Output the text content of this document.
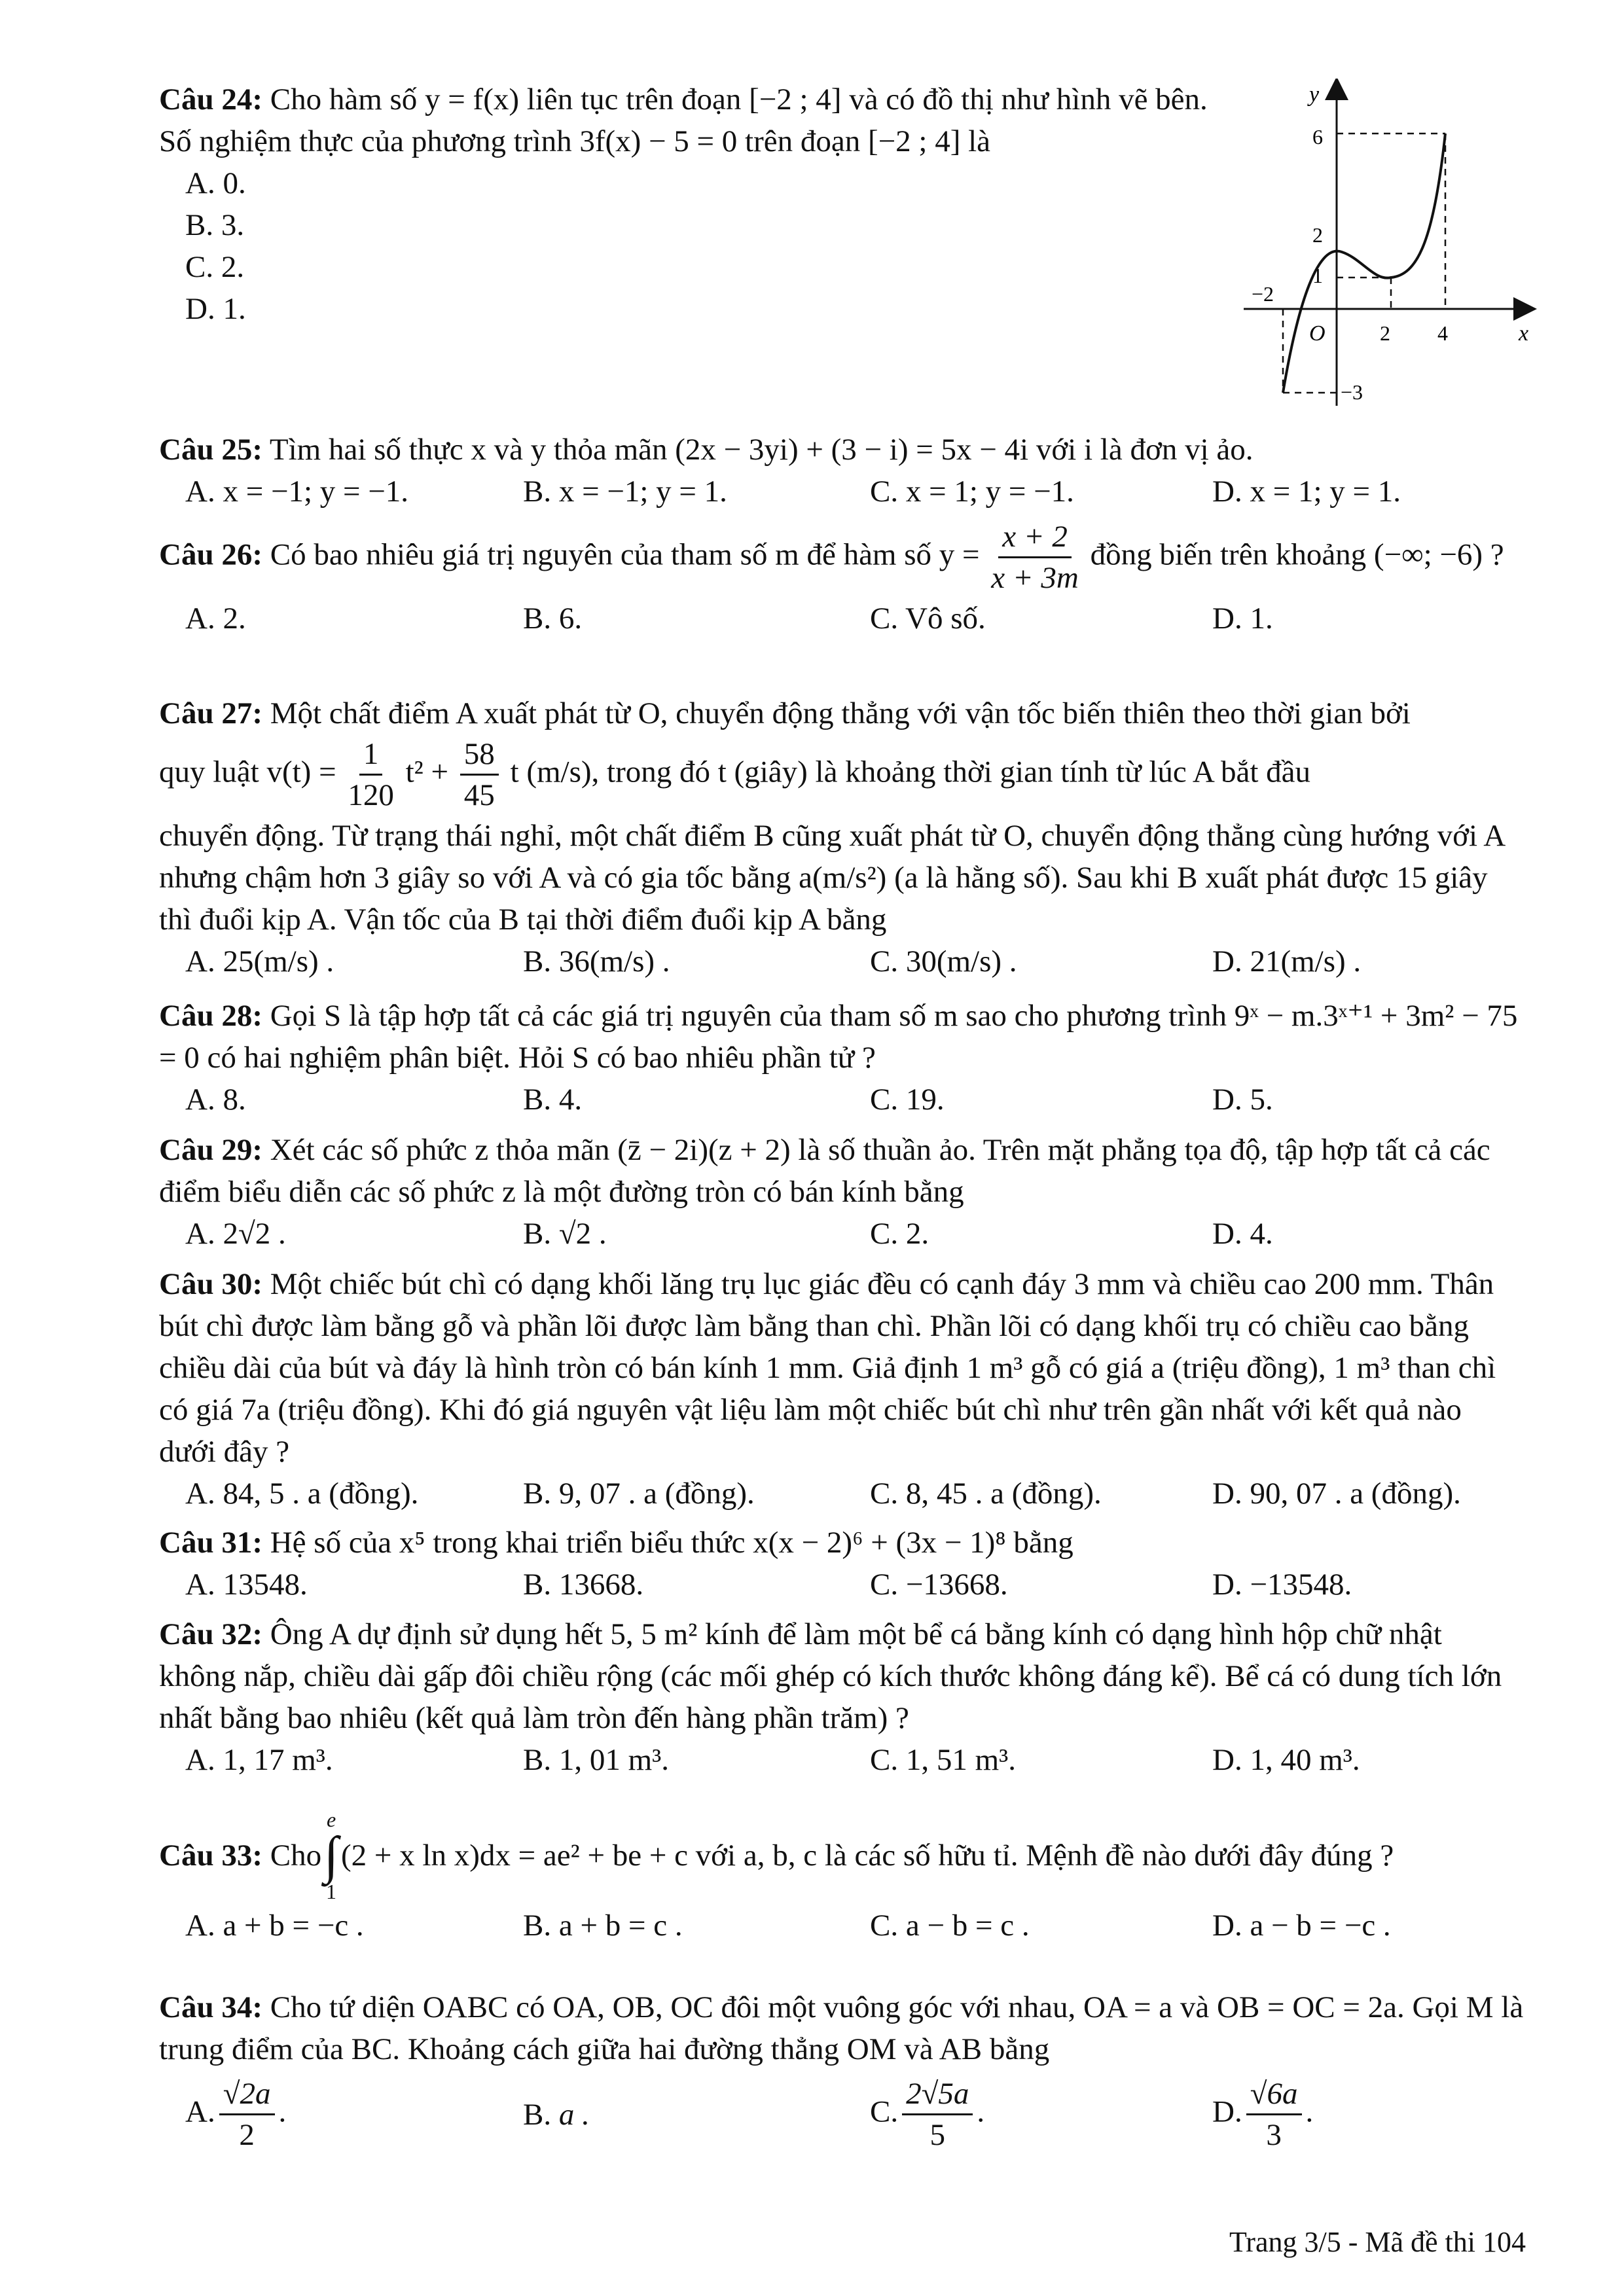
Câu 24: Cho hàm số y = f(x) liên tục trên đoạn [−2 ; 4] và có đồ thị như hình vẽ bên. Số nghiệm thực của phương trình 3f(x) − 5 = 0 trên đoạn [−2 ; 4] là
A. 0.
B. 3.
C. 2.
D. 1.
y
x
O
6
2
1
−3
−2
2 4
Câu 25: Tìm hai số thực x và y thỏa mãn (2x − 3yi) + (3 − i) = 5x − 4i với i là đơn vị ảo.
A. x = −1; y = −1.	B. x = −1; y = 1.	C. x = 1; y = −1.	D. x = 1; y = 1.
Câu 26: Có bao nhiêu giá trị nguyên của tham số m để hàm số $y = \frac{x + 2}{x + 3m}$ đồng biến trên khoảng (−∞; −6) ?
A. 2.	B. 6.	C. Vô số.	D. 1.
Câu 27: Một chất điểm A xuất phát từ O, chuyển động thẳng với vận tốc biến thiên theo thời gian bởi
quy luật $v(t) = \frac{1}{120} t^2 + \frac{58}{45}$ t (m/s), trong đó t (giây) là khoảng thời gian tính từ lúc A bắt đầu
chuyển động. Từ trạng thái nghỉ, một chất điểm B cũng xuất phát từ O, chuyển động thẳng cùng hướng với A nhưng chậm hơn 3 giây so với A và có gia tốc bằng a(m/s²) (a là hằng số). Sau khi B xuất phát được 15 giây thì đuổi kịp A. Vận tốc của B tại thời điểm đuổi kịp A bằng
A. 25(m/s) .	B. 36(m/s) .	C. 30(m/s) .	D. 21(m/s) .
Câu 28: Gọi S là tập hợp tất cả các giá trị nguyên của tham số m sao cho phương trình 9ˣ − m.3ˣ⁺¹ + 3m² − 75 = 0 có hai nghiệm phân biệt. Hỏi S có bao nhiêu phần tử ?
A. 8.	B. 4.	C. 19.	D. 5.
Câu 29: Xét các số phức z thỏa mãn (z̄ − 2i)(z + 2) là số thuần ảo. Trên mặt phẳng tọa độ, tập hợp tất cả các điểm biểu diễn các số phức z là một đường tròn có bán kính bằng
A. 2√2 .	B. √2 .	C. 2.	D. 4.
Câu 30: Một chiếc bút chì có dạng khối lăng trụ lục giác đều có cạnh đáy 3 mm và chiều cao 200 mm. Thân bút chì được làm bằng gỗ và phần lõi được làm bằng than chì. Phần lõi có dạng khối trụ có chiều cao bằng chiều dài của bút và đáy là hình tròn có bán kính 1 mm. Giả định 1 m³ gỗ có giá a (triệu đồng), 1 m³ than chì có giá 7a (triệu đồng). Khi đó giá nguyên vật liệu làm một chiếc bút chì như trên gần nhất với kết quả nào dưới đây ?
A. 84, 5 . a (đồng).	B. 9, 07 . a (đồng).	C. 8, 45 . a (đồng).	D. 90, 07 . a (đồng).
Câu 31: Hệ số của x⁵ trong khai triển biểu thức x(x − 2)⁶ + (3x − 1)⁸ bằng
A. 13548.	B. 13668.	C. −13668.	D. −13548.
Câu 32: Ông A dự định sử dụng hết 5, 5 m² kính để làm một bể cá bằng kính có dạng hình hộp chữ nhật không nắp, chiều dài gấp đôi chiều rộng (các mối ghép có kích thước không đáng kể). Bể cá có dung tích lớn nhất bằng bao nhiêu (kết quả làm tròn đến hàng phần trăm) ?
A. 1, 17 m³.	B. 1, 01 m³.	C. 1, 51 m³.	D. 1, 40 m³.
Câu 33:
Cho
e
∫
1
(2 + x ln x)dx = ae² + be + c với a, b, c là các số hữu tỉ. Mệnh đề nào dưới đây đúng ?
A. a + b = −c .	B. a + b = c .	C. a − b = c .	D. a − b = −c .
Câu 34: Cho tứ diện OABC có OA, OB, OC đôi một vuông góc với nhau, OA = a và OB = OC = 2a. Gọi M là trung điểm của BC. Khoảng cách giữa hai đường thẳng OM và AB bằng
A. $\frac{√2a}{2}$ .	B. a .	C. $\frac{2√5a}{5}$ .	D. $\frac{√6a}{3}$ .
Trang 3/5 - Mã đề thi 104
